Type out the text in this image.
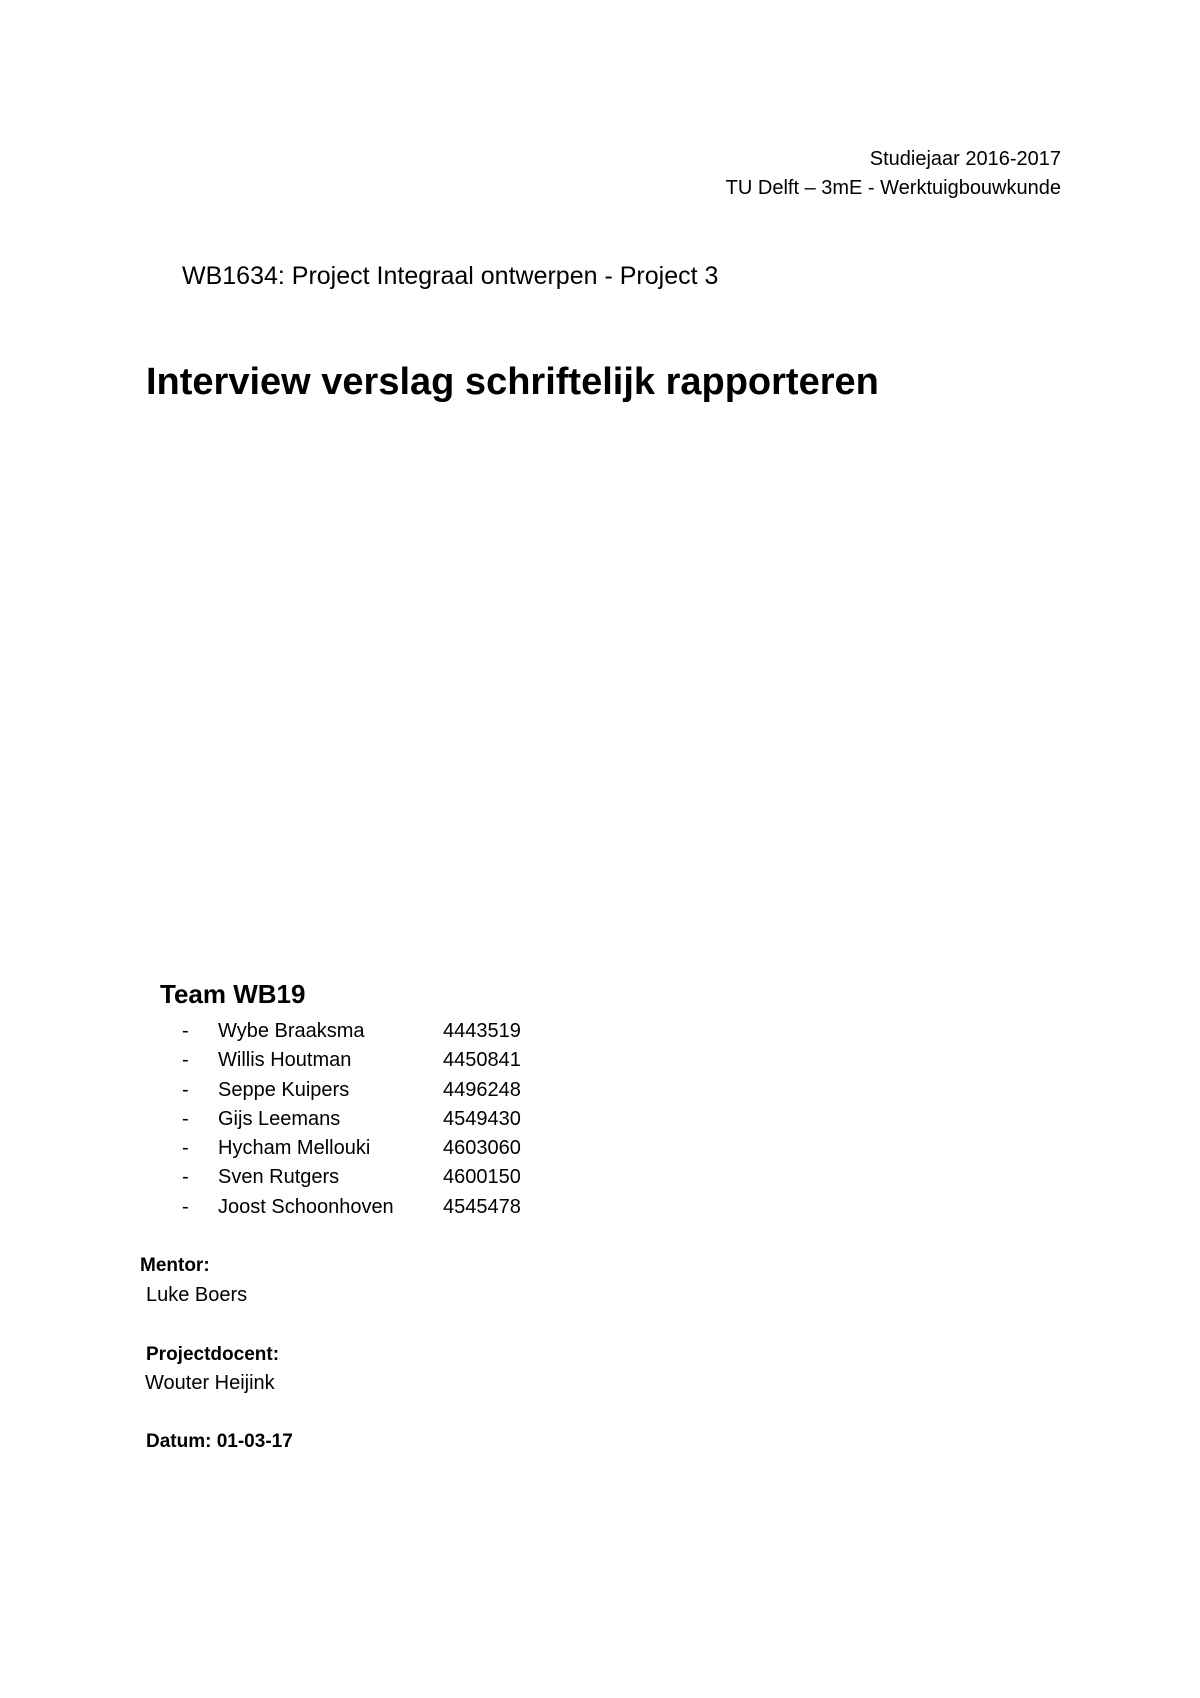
Studiejaar 2016-2017
TU Delft – 3mE - Werktuigbouwkunde
WB1634: Project Integraal ontwerpen - Project 3
Interview verslag schriftelijk rapporteren
Team WB19
-	Wybe Braaksma	4443519
-	Willis Houtman	4450841
-	Seppe Kuipers	4496248
-	Gijs Leemans	4549430
-	Hycham Mellouki	4603060
-	Sven Rutgers	4600150
-	Joost Schoonhoven	4545478
Mentor:
Luke Boers
Projectdocent:
Wouter Heijink
Datum: 01-03-17
